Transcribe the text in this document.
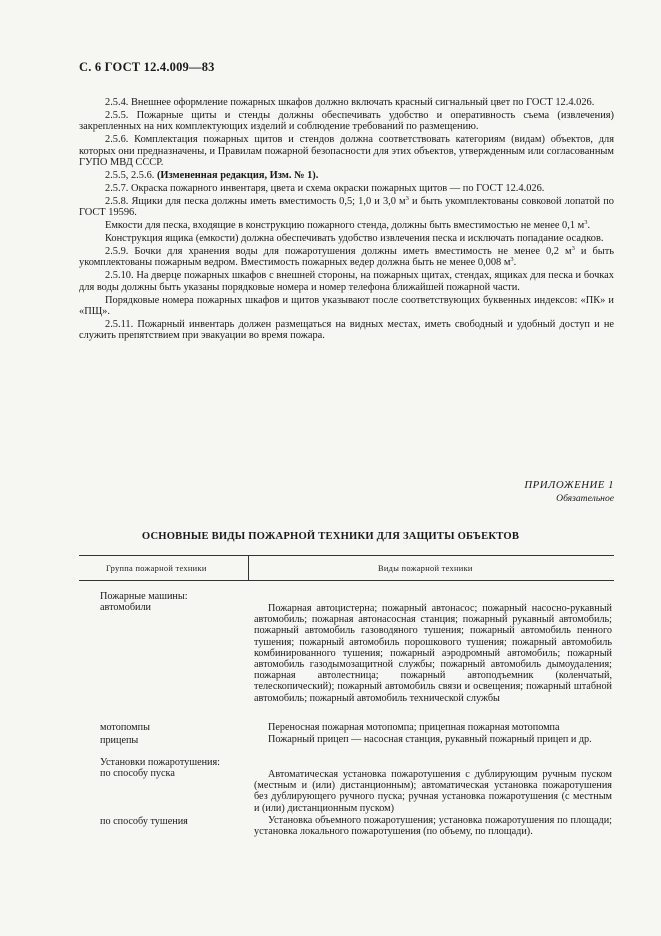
С. 6 ГОСТ 12.4.009—83

2.5.4. Внешнее оформление пожарных шкафов должно включать красный сигнальный цвет по ГОСТ 12.4.026.

2.5.5. Пожарные щиты и стенды должны обеспечивать удобство и оперативность съема (извлечения) закрепленных на них комплектующих изделий и соблюдение требований по размещению.

2.5.6. Комплектация пожарных щитов и стендов должна соответствовать категориям (видам) объектов, для которых они предназначены, и Правилам пожарной безопасности для этих объектов, утвержденным или согласованным ГУПО МВД СССР.

2.5.5, 2.5.6. (Измененная редакция, Изм. № 1).

2.5.7. Окраска пожарного инвентаря, цвета и схема окраски пожарных щитов — по ГОСТ 12.4.026.

2.5.8. Ящики для песка должны иметь вместимость 0,5; 1,0 и 3,0 $м^3$ и быть укомплектованы совковой лопатой по ГОСТ 19596.

Емкости для песка, входящие в конструкцию пожарного стенда, должны быть вместимостью не менее 0,1 $м^3$.

Конструкция ящика (емкости) должна обеспечивать удобство извлечения песка и исключать попадание осадков.

2.5.9. Бочки для хранения воды для пожаротушения должны иметь вместимость не менее 0,2 $м^3$ и быть укомплектованы пожарным ведром. Вместимость пожарных ведер должна быть не менее 0,008 $м^3$.

2.5.10. На дверце пожарных шкафов с внешней стороны, на пожарных щитах, стендах, ящиках для песка и бочках для воды должны быть указаны порядковые номера и номер телефона ближайшей пожарной части.

Порядковые номера пожарных шкафов и щитов указывают после соответствующих буквенных индексов: «ПК» и «ПЩ».

2.5.11. Пожарный инвентарь должен размещаться на видных местах, иметь свободный и удобный доступ и не служить препятствием при эвакуации во время пожара.

ПРИЛОЖЕНИЕ 1
Обязательное
ОСНОВНЫЕ ВИДЫ ПОЖАРНОЙ ТЕХНИКИ ДЛЯ ЗАЩИТЫ ОБЪЕКТОВ
Группа пожарной техники	Виды пожарной техники
Пожарные машины:
автомобили	Пожарная автоцистерна; пожарный автонасос; пожарный насосно-рукавный автомобиль; пожарная автонасосная станция; пожарный рукавный автомобиль; пожарный автомобиль газоводяного тушения; пожарный автомобиль пенного тушения; пожарный автомобиль порошкового тушения; пожарный автомобиль комбинированного тушения; пожарный аэродромный автомобиль; пожарный автомобиль газодымозащитной службы; пожарный автомобиль дымоудаления; пожарная автолестница; пожарный автоподъемник (коленчатый, телескопический); пожарный автомобиль связи и освещения; пожарный штабной автомобиль; пожарный автомобиль технической службы
мотопомпы	Переносная пожарная мотопомпа; прицепная пожарная мотопомпа
прицепы	Пожарный прицеп — насосная станция, рукавный пожарный прицеп и др.
Установки пожаротушения:
по способу пуска	Автоматическая установка пожаротушения с дублирующим ручным пуском (местным и (или) дистанционным); автоматическая установка пожаротушения без дублирующего ручного пуска; ручная установка пожаротушения (с местным и (или) дистанционным пуском)
по способу тушения	Установка объемного пожаротушения; установка пожаротушения по площади; установка локального пожаротушения (по объему, по площади).
